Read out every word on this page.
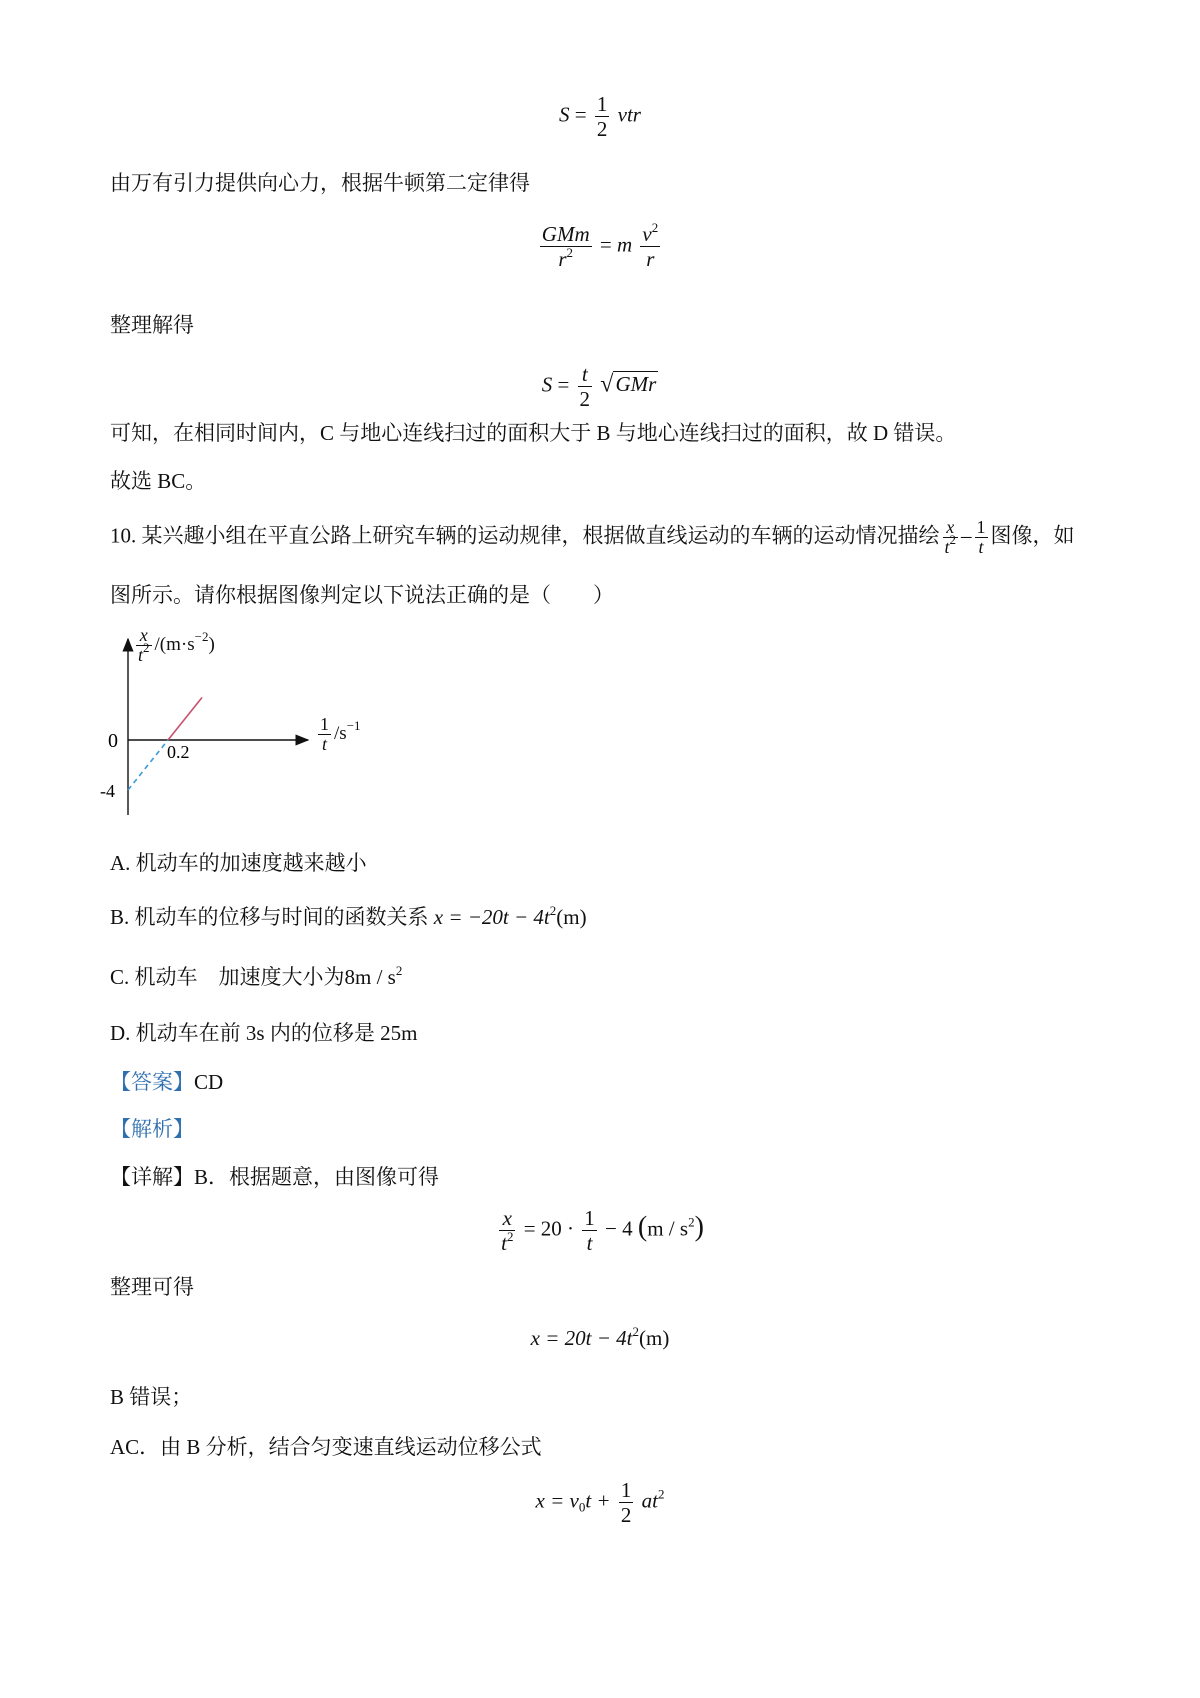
$S = \frac{1}{2}$ vtr
由万有引力提供向心力，根据牛顿第二定律得
$\frac{\text{GMm}}{r^2} = m \frac{v^2}{r}$
整理解得
$S = \frac{t}{2} √GMr$
可知，在相同时间内，C 与地心连线扫过的面积大于 B 与地心连线扫过的面积，故 D 错误。
故选 BC。
10. 某兴趣小组在平直公路上研究车辆的运动规律，根据做直线运动的车辆的运动情况描绘 $\frac{x}{t^2} - \frac{1}{t}$ 图像，如
图所示。请你根据图像判定以下说法正确的是（　　）
0	0.2
-4
$\frac{x}{t^2} /(m\cdot s^{-2})$
$\frac{1}{t} /s^{-1}$
A. 机动车的加速度越来越小
B. 机动车的位移与时间的函数关系 $x = -20t - 4t^2(m)$
C. 机动车　加速度大小为$8m / s^2$
D. 机动车在前 3s 内的位移是 25m
【答案】CD
【解析】
【详解】B．根据题意，由图像可得
$\frac{x}{t^2} = 20 \cdot \frac{1}{t} - 4$ $(m / s^2)$
整理可得
$x = 20t - 4t^2(m)$
B 错误；
AC．由 B 分析，结合匀变速直线运动位移公式
$x = v_0t + \frac{1}{2} at^2$
